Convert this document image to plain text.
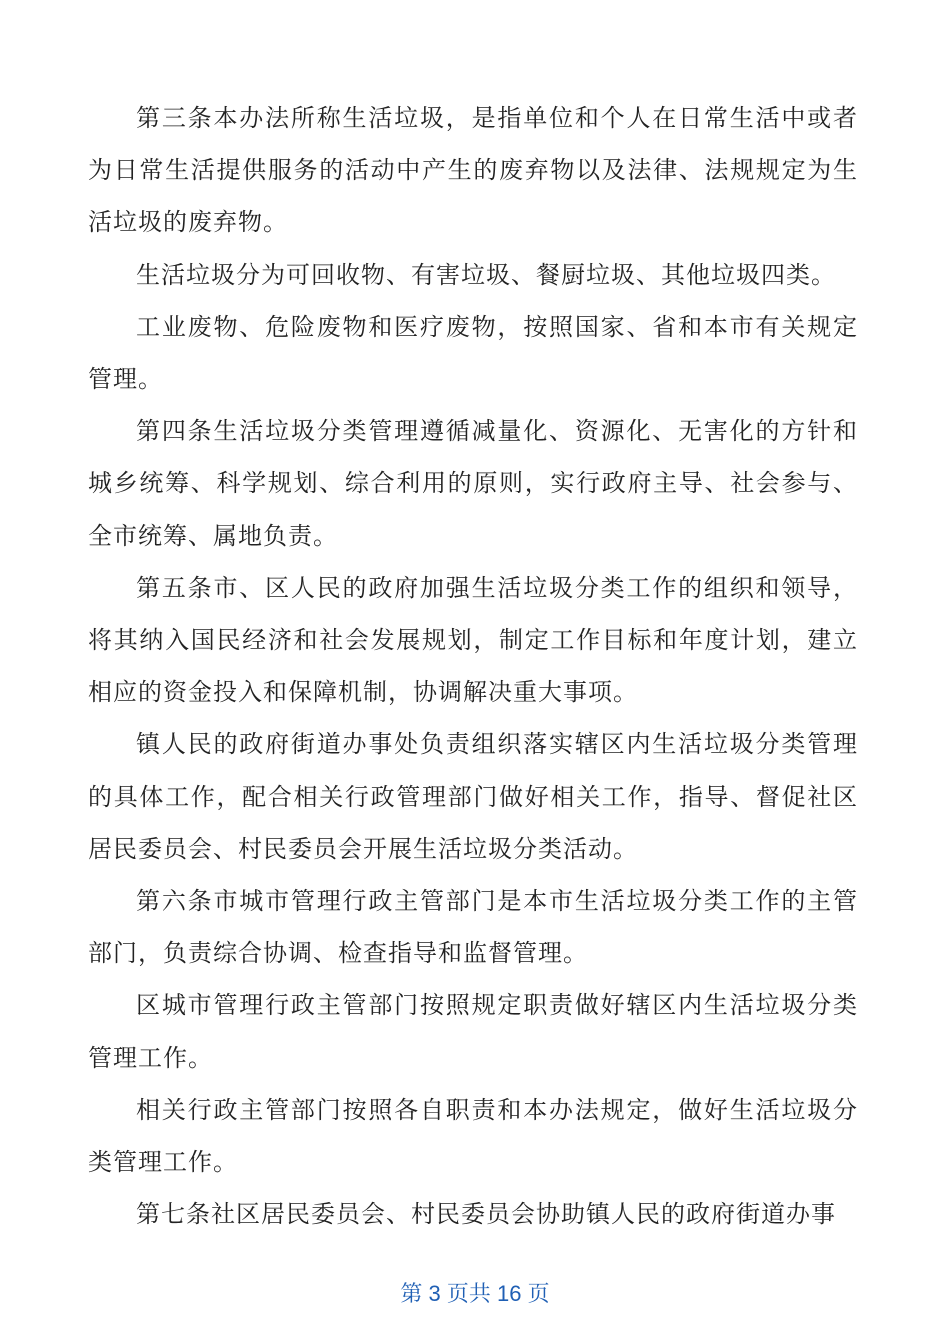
第三条本办法所称生活垃圾，是指单位和个人在日常生活中或者为日常生活提供服务的活动中产生的废弃物以及法律、法规规定为生活垃圾的废弃物。

生活垃圾分为可回收物、有害垃圾、餐厨垃圾、其他垃圾四类。

工业废物、危险废物和医疗废物，按照国家、省和本市有关规定管理。

第四条生活垃圾分类管理遵循减量化、资源化、无害化的方针和城乡统筹、科学规划、综合利用的原则，实行政府主导、社会参与、全市统筹、属地负责。

第五条市、区人民的政府加强生活垃圾分类工作的组织和领导，将其纳入国民经济和社会发展规划，制定工作目标和年度计划，建立相应的资金投入和保障机制，协调解决重大事项。

镇人民的政府街道办事处负责组织落实辖区内生活垃圾分类管理的具体工作，配合相关行政管理部门做好相关工作，指导、督促社区居民委员会、村民委员会开展生活垃圾分类活动。

第六条市城市管理行政主管部门是本市生活垃圾分类工作的主管部门，负责综合协调、检查指导和监督管理。

区城市管理行政主管部门按照规定职责做好辖区内生活垃圾分类管理工作。

相关行政主管部门按照各自职责和本办法规定，做好生活垃圾分类管理工作。

第七条社区居民委员会、村民委员会协助镇人民的政府街道办事

第 3 页共 16 页
